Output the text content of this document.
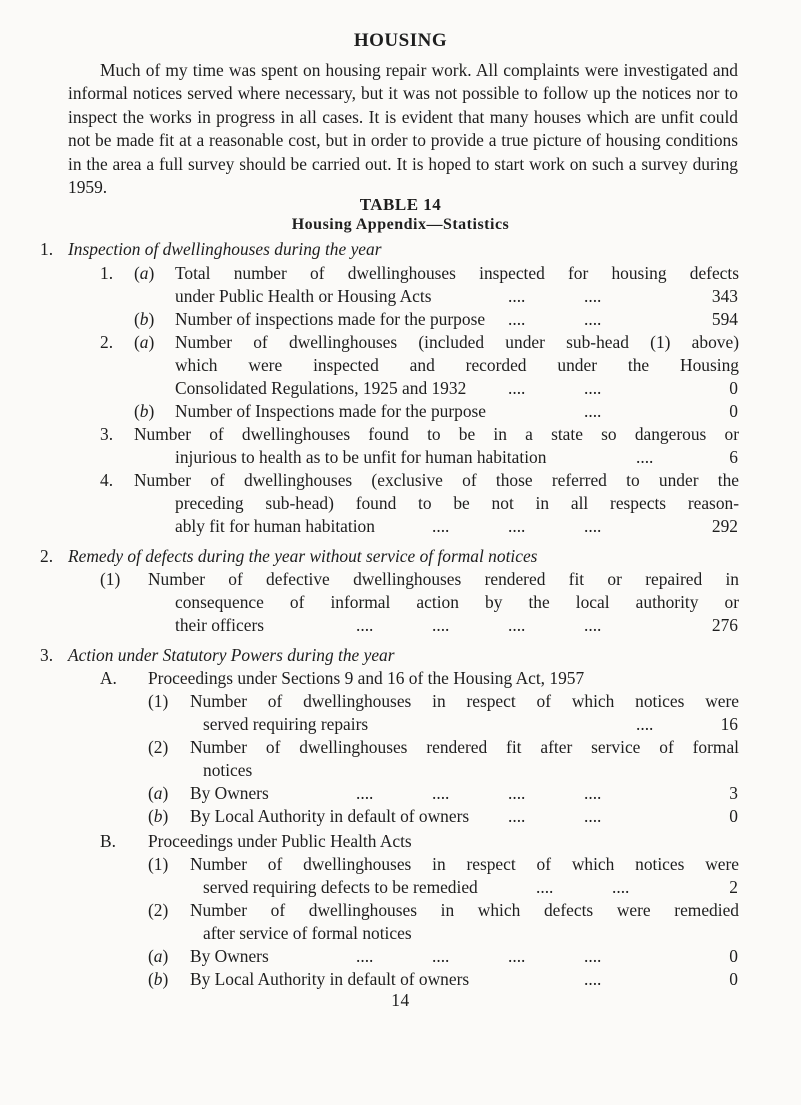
HOUSING
Much of my time was spent on housing repair work. All complaints were investigated and informal notices served where necessary, but it was not possible to follow up the notices nor to inspect the works in progress in all cases. It is evident that many houses which are unfit could not be made fit at a reasonable cost, but in order to provide a true picture of housing conditions in the area a full survey should be carried out. It is hoped to start work on such a survey during 1959.
TABLE 14
Housing Appendix—Statistics
1. Inspection of dwellinghouses during the year
1. (a) Total number of dwellinghouses inspected for housing defects
under Public Health or Housing Acts	....	....	343
(b) Number of inspections made for the purpose ....	....	594
2. (a) Number of dwellinghouses (included under sub-head (1) above)
which were inspected and recorded under the Housing
Consolidated Regulations, 1925 and 1932 ....	....	0
(b) Number of Inspections made for the purpose	....	0
3. Number of dwellinghouses found to be in a state so dangerous or
injurious to health as to be unfit for human habitation	....	6
4. Number of dwellinghouses (exclusive of those referred to under the
preceding sub-head) found to be not in all respects reason-
ably fit for human habitation	....	....	....	292
2. Remedy of defects during the year without service of formal notices
(1) Number of defective dwellinghouses rendered fit or repaired in
consequence of informal action by the local authority or
their officers	....	....	....	....	276
3. Action under Statutory Powers during the year
A. Proceedings under Sections 9 and 16 of the Housing Act, 1957
(1) Number of dwellinghouses in respect of which notices were
served requiring repairs	....	16
(2) Number of dwellinghouses rendered fit after service of formal
notices
(a) By Owners	....	....	....	....	3
(b) By Local Authority in default of owners ....	....	0
B. Proceedings under Public Health Acts
(1) Number of dwellinghouses in respect of which notices were
served requiring defects to be remedied	....	....	2
(2) Number of dwellinghouses in which defects were remedied
after service of formal notices
(a) By Owners	....	....	....	....	0
(b) By Local Authority in default of owners	....	0
14
